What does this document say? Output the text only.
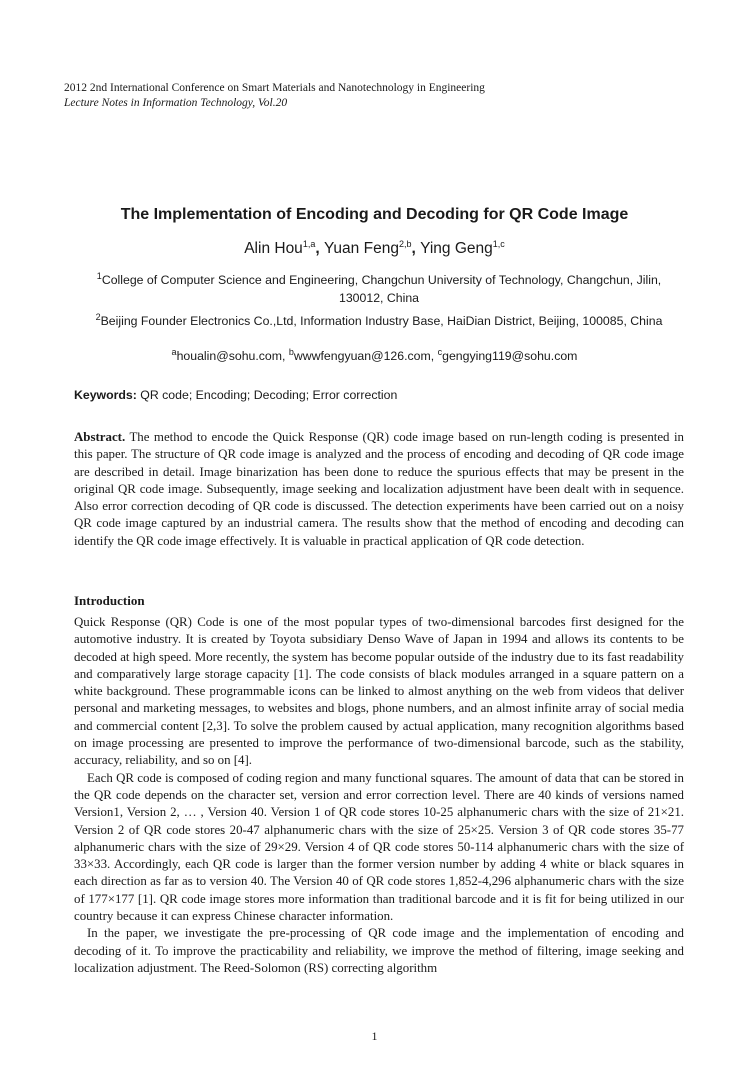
2012 2nd International Conference on Smart Materials and Nanotechnology in Engineering
Lecture Notes in Information Technology, Vol.20
The Implementation of Encoding and Decoding for QR Code Image
Alin Hou$^{1,a}$, Yuan Feng$^{2,b}$, Ying Geng$^{1,c}$
$^1$College of Computer Science and Engineering, Changchun University of Technology, Changchun, Jilin, 130012, China
$^2$Beijing Founder Electronics Co.,Ltd, Information Industry Base, HaiDian District, Beijing, 100085, China
$^a$houalin@sohu.com, $^b$wwwfengyuan@126.com, $^c$gengying119@sohu.com
Keywords: QR code; Encoding; Decoding; Error correction
Abstract. The method to encode the Quick Response (QR) code image based on run-length coding is presented in this paper. The structure of QR code image is analyzed and the process of encoding and decoding of QR code image are described in detail. Image binarization has been done to reduce the spurious effects that may be present in the original QR code image. Subsequently, image seeking and localization adjustment have been dealt with in sequence. Also error correction decoding of QR code is discussed. The detection experiments have been carried out on a noisy QR code image captured by an industrial camera. The results show that the method of encoding and decoding can identify the QR code image effectively. It is valuable in practical application of QR code detection.
Introduction

Quick Response (QR) Code is one of the most popular types of two-dimensional barcodes first designed for the automotive industry. It is created by Toyota subsidiary Denso Wave of Japan in 1994 and allows its contents to be decoded at high speed. More recently, the system has become popular outside of the industry due to its fast readability and comparatively large storage capacity [1]. The code consists of black modules arranged in a square pattern on a white background. These programmable icons can be linked to almost anything on the web from videos that deliver personal and marketing messages, to websites and blogs, phone numbers, and an almost infinite array of social media and commercial content [2,3]. To solve the problem caused by actual application, many recognition algorithms based on image processing are presented to improve the performance of two-dimensional barcode, such as the stability, accuracy, reliability, and so on [4].

Each QR code is composed of coding region and many functional squares. The amount of data that can be stored in the QR code depends on the character set, version and error correction level. There are 40 kinds of versions named Version1, Version 2, … , Version 40. Version 1 of QR code stores 10-25 alphanumeric chars with the size of 21×21. Version 2 of QR code stores 20-47 alphanumeric chars with the size of 25×25. Version 3 of QR code stores 35-77 alphanumeric chars with the size of 29×29. Version 4 of QR code stores 50-114 alphanumeric chars with the size of 33×33. Accordingly, each QR code is larger than the former version number by adding 4 white or black squares in each direction as far as to version 40. The Version 40 of QR code stores 1,852-4,296 alphanumeric chars with the size of 177×177 [1]. QR code image stores more information than traditional barcode and it is fit for being utilized in our country because it can express Chinese character information.

In the paper, we investigate the pre-processing of QR code image and the implementation of encoding and decoding of it. To improve the practicability and reliability, we improve the method of filtering, image seeking and localization adjustment. The Reed-Solomon (RS) correcting algorithm

1
